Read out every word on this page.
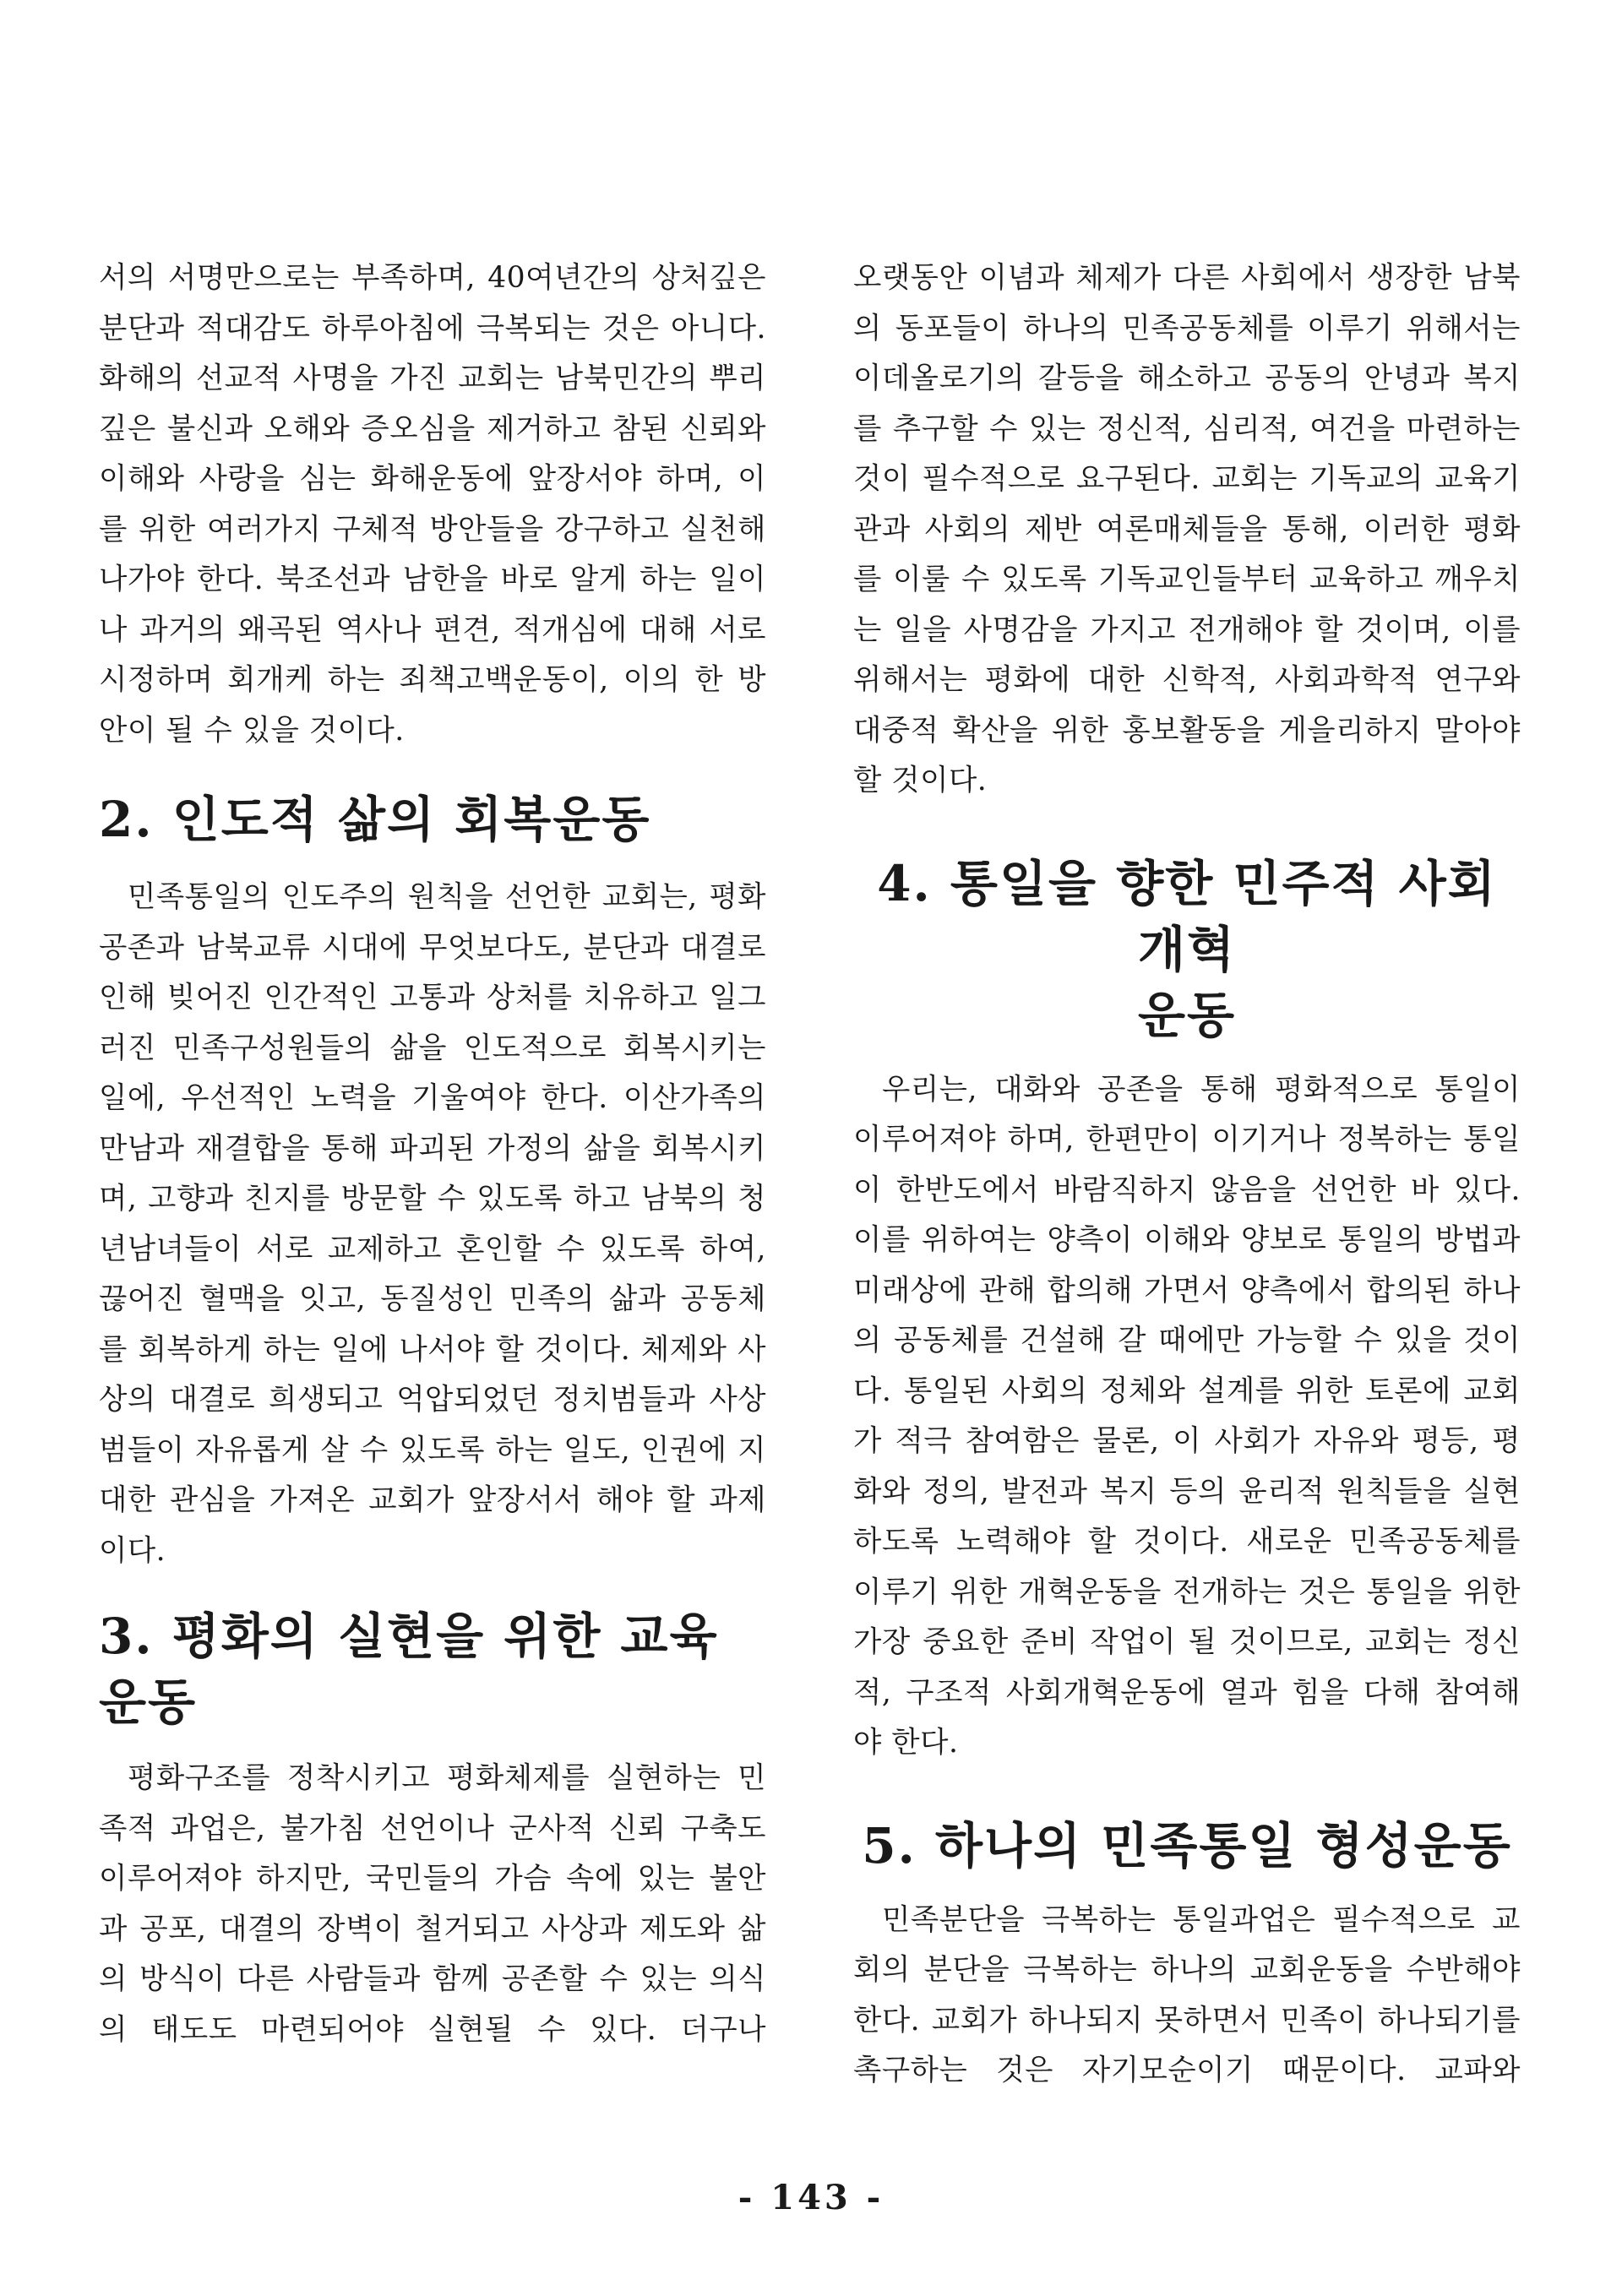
서의 서명만으로는 부족하며, 40여년간의 상처깊은 분단과 적대감도 하루아침에 극복되는 것은 아니다. 화해의 선교적 사명을 가진 교회는 남북민간의 뿌리깊은 불신과 오해와 증오심을 제거하고 참된 신뢰와 이해와 사랑을 심는 화해운동에 앞장서야 하며, 이를 위한 여러가지 구체적 방안들을 강구하고 실천해 나가야 한다. 북조선과 남한을 바로 알게 하는 일이나 과거의 왜곡된 역사나 편견, 적개심에 대해 서로 시정하며 회개케 하는 죄책고백운동이, 이의 한 방안이 될 수 있을 것이다.

2. 인도적 삶의 회복운동

민족통일의 인도주의 원칙을 선언한 교회는, 평화공존과 남북교류 시대에 무엇보다도, 분단과 대결로 인해 빚어진 인간적인 고통과 상처를 치유하고 일그러진 민족구성원들의 삶을 인도적으로 회복시키는 일에, 우선적인 노력을 기울여야 한다. 이산가족의 만남과 재결합을 통해 파괴된 가정의 삶을 회복시키며, 고향과 친지를 방문할 수 있도록 하고 남북의 청년남녀들이 서로 교제하고 혼인할 수 있도록 하여, 끊어진 혈맥을 잇고, 동질성인 민족의 삶과 공동체를 회복하게 하는 일에 나서야 할 것이다. 체제와 사상의 대결로 희생되고 억압되었던 정치범들과 사상범들이 자유롭게 살 수 있도록 하는 일도, 인권에 지대한 관심을 가져온 교회가 앞장서서 해야 할 과제이다.

3. 평화의 실현을 위한 교육운동

평화구조를 정착시키고 평화체제를 실현하는 민족적 과업은, 불가침 선언이나 군사적 신뢰 구축도 이루어져야 하지만, 국민들의 가슴 속에 있는 불안과 공포, 대결의 장벽이 철거되고 사상과 제도와 삶의 방식이 다른 사람들과 함께 공존할 수 있는 의식의 태도도 마련되어야 실현될 수 있다. 더구나

오랫동안 이념과 체제가 다른 사회에서 생장한 남북의 동포들이 하나의 민족공동체를 이루기 위해서는 이데올로기의 갈등을 해소하고 공동의 안녕과 복지를 추구할 수 있는 정신적, 심리적, 여건을 마련하는 것이 필수적으로 요구된다. 교회는 기독교의 교육기관과 사회의 제반 여론매체들을 통해, 이러한 평화를 이룰 수 있도록 기독교인들부터 교육하고 깨우치는 일을 사명감을 가지고 전개해야 할 것이며, 이를 위해서는 평화에 대한 신학적, 사회과학적 연구와 대중적 확산을 위한 홍보활동을 게을리하지 말아야 할 것이다.

4. 통일을 향한 민주적 사회개혁
운동

우리는, 대화와 공존을 통해 평화적으로 통일이 이루어져야 하며, 한편만이 이기거나 정복하는 통일이 한반도에서 바람직하지 않음을 선언한 바 있다. 이를 위하여는 양측이 이해와 양보로 통일의 방법과 미래상에 관해 합의해 가면서 양측에서 합의된 하나의 공동체를 건설해 갈 때에만 가능할 수 있을 것이다. 통일된 사회의 정체와 설계를 위한 토론에 교회가 적극 참여함은 물론, 이 사회가 자유와 평등, 평화와 정의, 발전과 복지 등의 윤리적 원칙들을 실현하도록 노력해야 할 것이다. 새로운 민족공동체를 이루기 위한 개혁운동을 전개하는 것은 통일을 위한 가장 중요한 준비 작업이 될 것이므로, 교회는 정신적, 구조적 사회개혁운동에 열과 힘을 다해 참여해야 한다.

5. 하나의 민족통일 형성운동

민족분단을 극복하는 통일과업은 필수적으로 교회의 분단을 극복하는 하나의 교회운동을 수반해야 한다. 교회가 하나되지 못하면서 민족이 하나되기를 촉구하는 것은 자기모순이기 때문이다. 교파와

- 143 -
